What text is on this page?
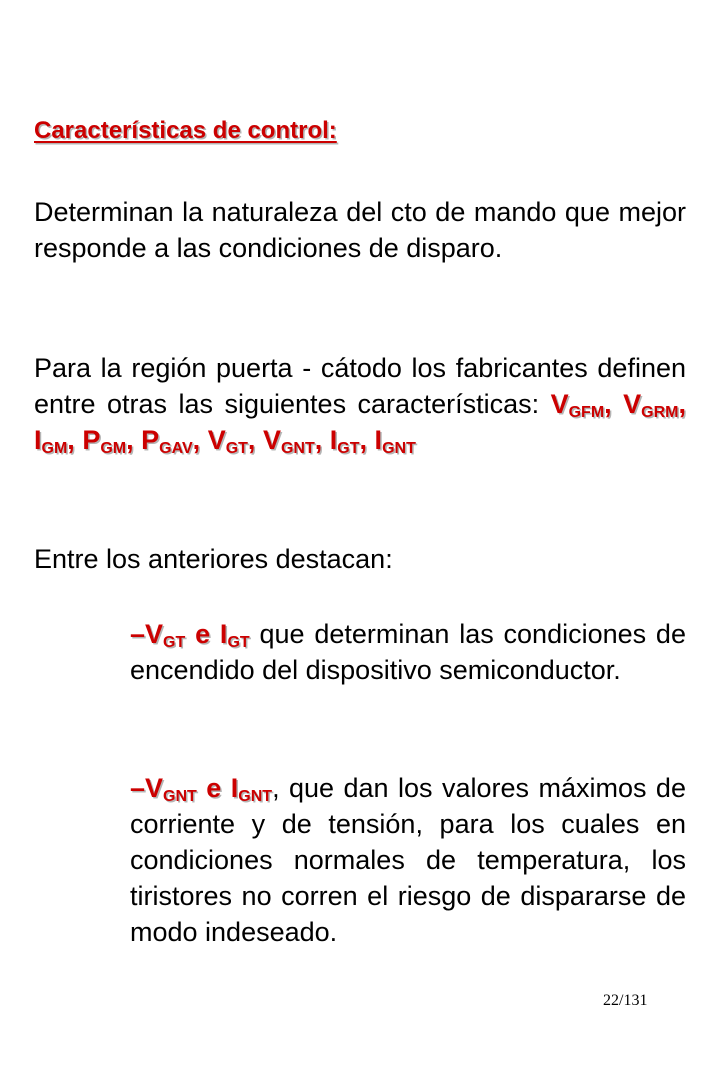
Características de control:
Determinan la naturaleza del cto de mando que mejor responde a las condiciones de disparo.
Para la región puerta - cátodo los fabricantes definen entre otras las siguientes características: $V_{GFM}$, $V_{GRM}$, $I_{GM}$, $P_{GM}$, $P_{GAV}$, $V_{GT}$, $V_{GNT}$, $I_{GT}$, $I_{GNT}$
Entre los anteriores destacan:
$-V_{GT}$ e $I_{GT}$ que determinan las condiciones de encendido del dispositivo semiconductor.
$-V_{GNT}$ e $I_{GNT}$, que dan los valores máximos de corriente y de tensión, para los cuales en condiciones normales de temperatura, los tiristores no corren el riesgo de dispararse de modo indeseado.
22/131
